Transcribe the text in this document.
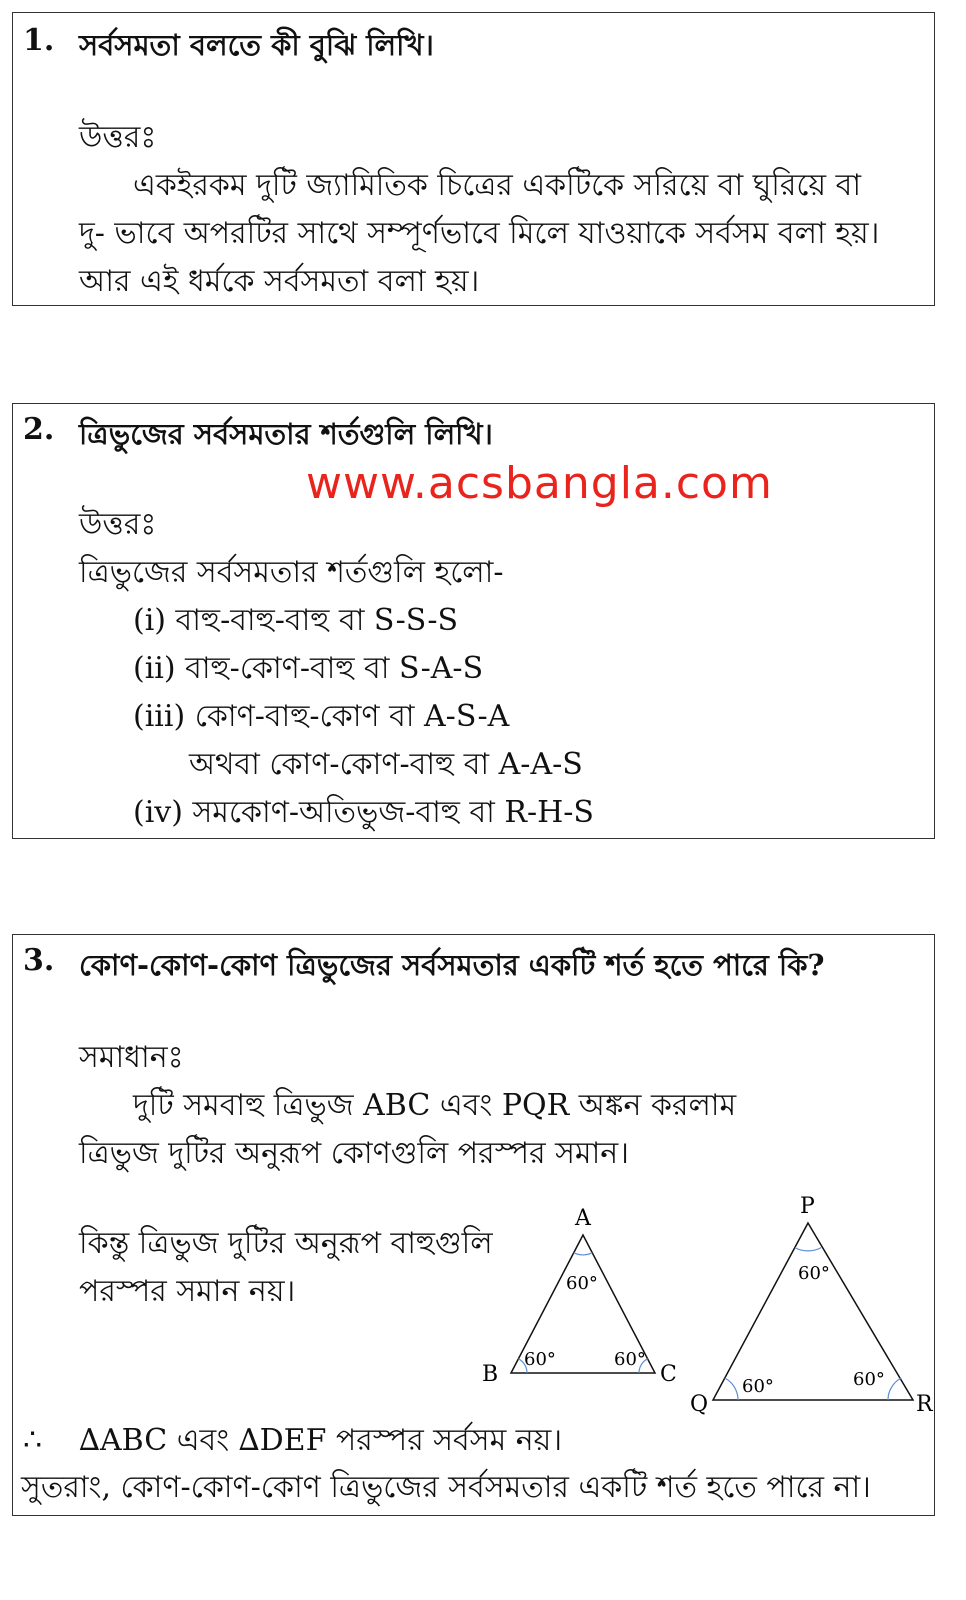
1. সর্বসমতা বলতে কী বুঝি লিখি।
উত্তরঃ
একইরকম দুটি জ্যামিতিক চিত্রের একটিকে সরিয়ে বা ঘুরিয়ে বা
দু- ভাবে অপরটির সাথে সম্পূর্ণভাবে মিলে যাওয়াকে সর্বসম বলা হয়।
আর এই ধর্মকে সর্বসমতা বলা হয়।
2. ত্রিভুজের সর্বসমতার শর্তগুলি লিখি।
উত্তরঃ
ত্রিভুজের সর্বসমতার শর্তগুলি হলো-
(i) বাহু-বাহু-বাহু বা S-S-S
(ii) বাহু-কোণ-বাহু বা S-A-S
(iii) কোণ-বাহু-কোণ বা A-S-A
অথবা কোণ-কোণ-বাহু বা A-A-S
(iv) সমকোণ-অতিভুজ-বাহু বা R-H-S
www.acsbangla.com
3. কোণ-কোণ-কোণ ত্রিভুজের সর্বসমতার একটি শর্ত হতে পারে কি?
সমাধানঃ
দুটি সমবাহু ত্রিভুজ ABC এবং PQR অঙ্কন করলাম
ত্রিভুজ দুটির অনুরূপ কোণগুলি পরস্পর সমান।
কিন্তু ত্রিভুজ দুটির অনুরূপ বাহুগুলি
পরস্পর সমান নয়।
A
B	C
60°
60°	60°
P
Q	R
60°
60°	60°
∴ ∆ABC এবং ∆DEF পরস্পর সর্বসম নয়।
সুতরাং, কোণ-কোণ-কোণ ত্রিভুজের সর্বসমতার একটি শর্ত হতে পারে না।
